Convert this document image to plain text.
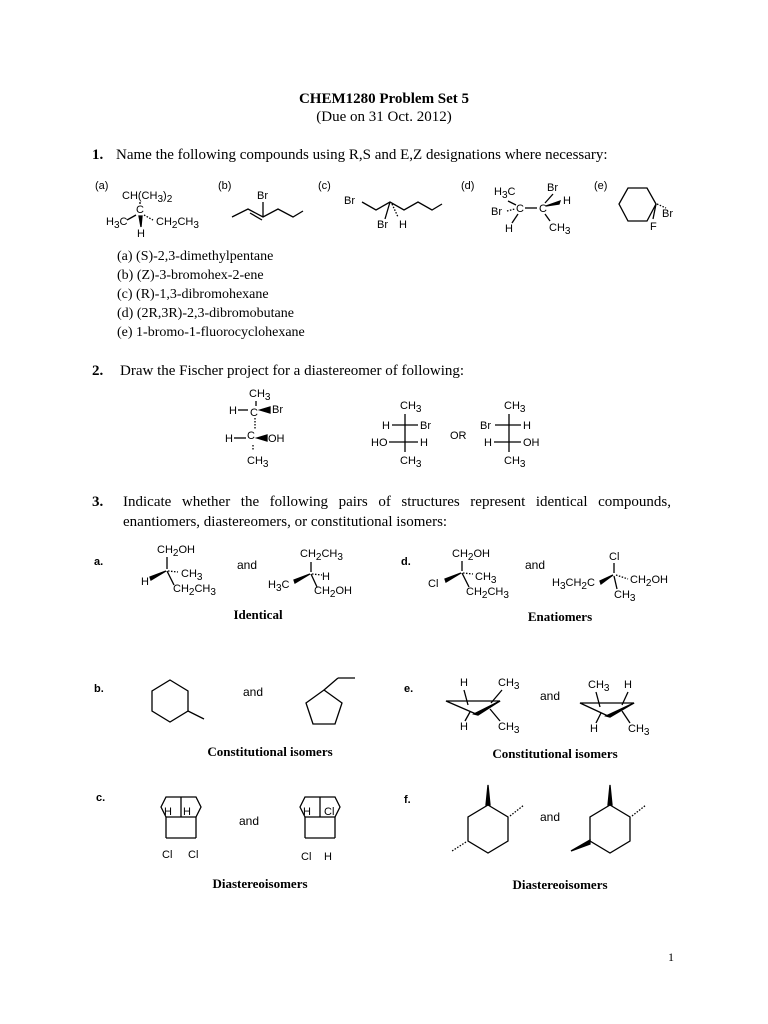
CHEM1280 Problem Set 5
(Due on 31 Oct. 2012)
1. Name the following compounds using R,S and E,Z designations where necessary:
(a)
CH(CH3)2
C
H3C	CH2CH3
H
(b)
Br
(c)
Br
Br H
(d) H3C	Br
Br C C
H
H	CH3
(e)
Br
F
(a) (S)-2,3-dimethylpentane
(b) (Z)-3-bromohex-2-ene
(c) (R)-1,3-dibromohexane
(d) (2R,3R)-2,3-dibromobutane
(e) 1-bromo-1-fluorocyclohexane
2. Draw the Fischer project for a diastereomer of following:
CH3
H C Br
H C OH
CH3
CH3
H	Br
HO	H
CH3
OR
CH3
Br	H
H	OH
CH3
3. Indicate whether the following pairs of structures represent identical compounds,
enantiomers, diastereomers, or constitutional isomers:
a.
CH2OH
CH3
H
CH2CH3
and
CH2CH3
H
H3C CH2OH
d.
CH2OH
CH3
Cl
CH2CH3
and
Cl
H3CH2C	CH2OH
CH3
b.	and	e.	H	CH3
H	CH3
and
CH3 H
H	CH3
c.
H H
Cl Cl
and
H Cl
Cl H
f.
and
Identical	Enatiomers
Constitutional isomers	Constitutional isomers
Diastereoisomers	Diastereoisomers
1
